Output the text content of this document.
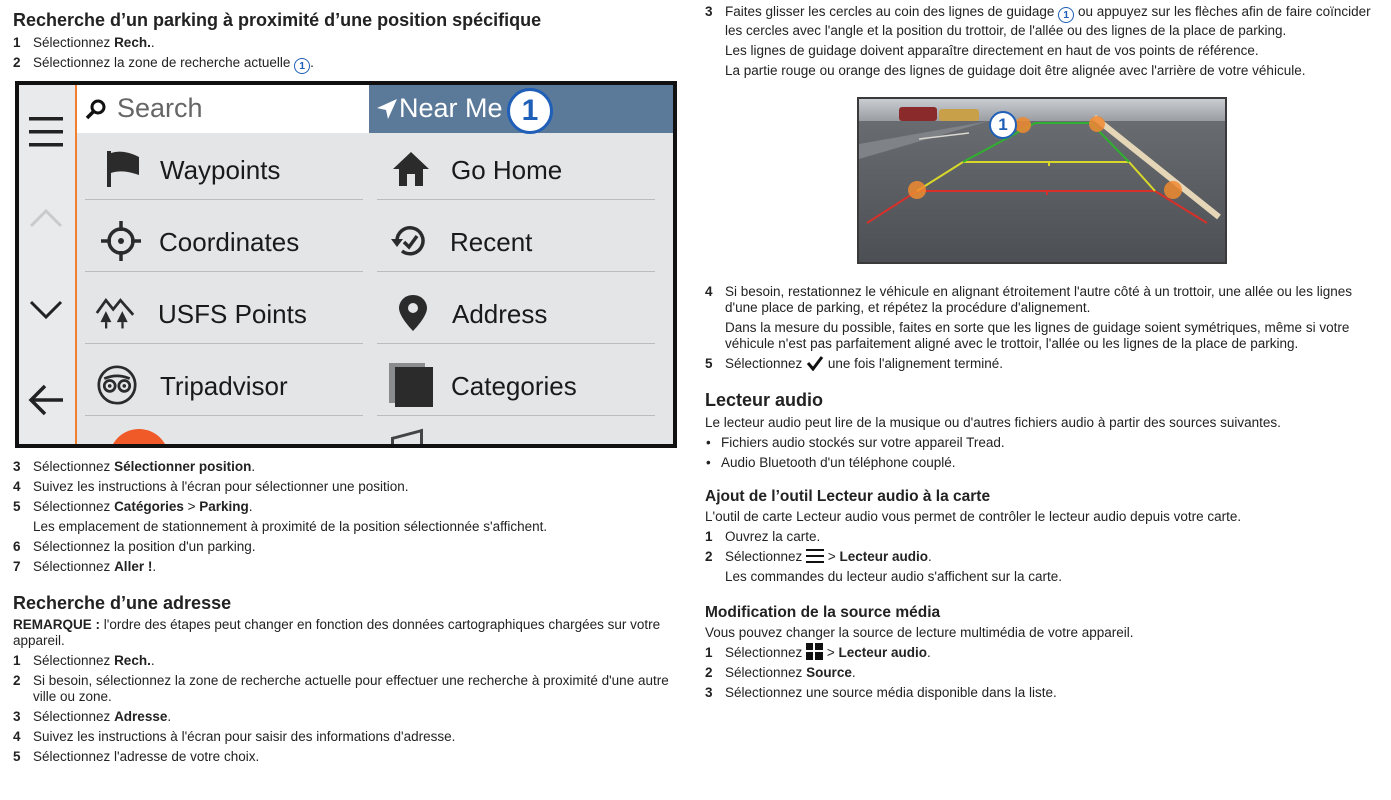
Recherche d’un parking à proximité d’une position spécifique
1 Sélectionnez Rech..
2 Sélectionnez la zone de recherche actuelle 1 .
Search	Near Me 1
Waypoints	Go Home
Coordinates	Recent
USFS Points	Address
Tripadvisor	Categories
3 Sélectionnez Sélectionner position.
4 Suivez les instructions à l'écran pour sélectionner une position.
5 Sélectionnez Catégories > Parking.
Les emplacement de stationnement à proximité de la position sélectionnée s'affichent.
6 Sélectionnez la position d'un parking.
7 Sélectionnez Aller !.
Recherche d’une adresse

REMARQUE : l'ordre des étapes peut changer en fonction des données cartographiques chargées sur votre appareil.

1 Sélectionnez Rech..
2 Si besoin, sélectionnez la zone de recherche actuelle pour effectuer une recherche à proximité d'une autre
ville ou zone.
3 Sélectionnez Adresse.
4 Suivez les instructions à l'écran pour saisir des informations d'adresse.
5 Sélectionnez l'adresse de votre choix.
3 Faites glisser les cercles au coin des lignes de guidage 1 ou appuyez sur les flèches afin de faire coïncider
les cercles avec l'angle et la position du trottoir, de l'allée ou des lignes de la place de parking.
Les lignes de guidage doivent apparaître directement en haut de vos points de référence.
La partie rouge ou orange des lignes de guidage doit être alignée avec l'arrière de votre véhicule.
1
4 Si besoin, restationnez le véhicule en alignant étroitement l'autre côté à un trottoir, une allée ou les lignes
d'une place de parking, et répétez la procédure d'alignement.
Dans la mesure du possible, faites en sorte que les lignes de guidage soient symétriques, même si votre
véhicule n'est pas parfaitement aligné avec le trottoir, l'allée ou les lignes de la place de parking.
5 Sélectionnez  une fois l'alignement terminé.
Lecteur audio

Le lecteur audio peut lire de la musique ou d'autres fichiers audio à partir des sources suivantes.

• Fichiers audio stockés sur votre appareil Tread.
• Audio Bluetooth d'un téléphone couplé.
Ajout de l’outil Lecteur audio à la carte

L'outil de carte Lecteur audio vous permet de contrôler le lecteur audio depuis votre carte.

1 Ouvrez la carte.
2 Sélectionnez  > Lecteur audio.
Les commandes du lecteur audio s'affichent sur la carte.
Modification de la source média

Vous pouvez changer la source de lecture multimédia de votre appareil.

1 Sélectionnez  > Lecteur audio.
2 Sélectionnez Source.
3 Sélectionnez une source média disponible dans la liste.
